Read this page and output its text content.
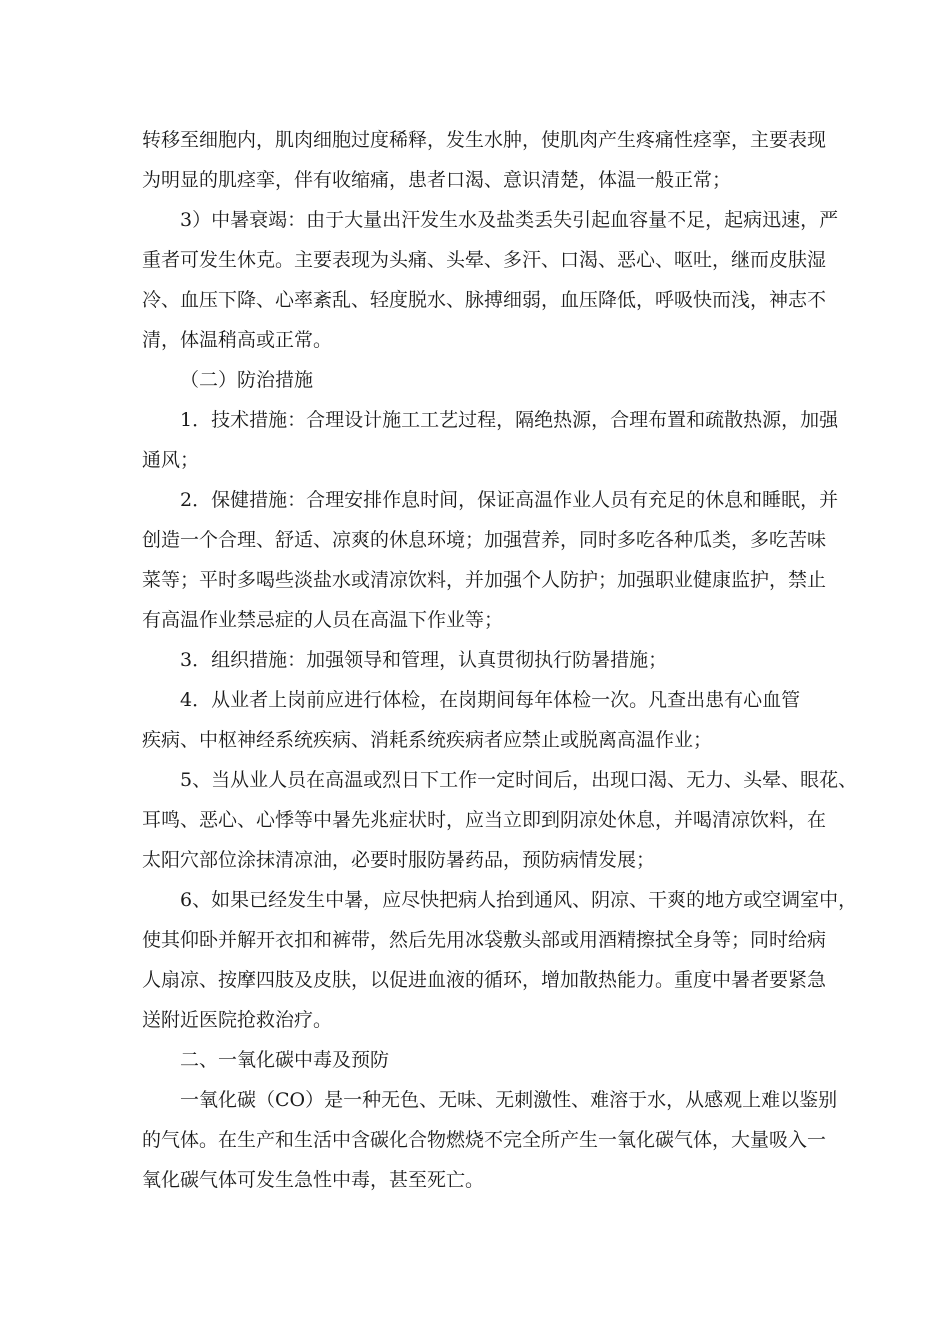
转移至细胞内，肌肉细胞过度稀释，发生水肿，使肌肉产生疼痛性痉挛，主要表现
为明显的肌痉挛，伴有收缩痛，患者口渴、意识清楚，体温一般正常；
3）中暑衰竭：由于大量出汗发生水及盐类丢失引起血容量不足，起病迅速，严
重者可发生休克。主要表现为头痛、头晕、多汗、口渴、恶心、呕吐，继而皮肤湿
冷、血压下降、心率紊乱、轻度脱水、脉搏细弱，血压降低，呼吸快而浅，神志不
清，体温稍高或正常。
（二）防治措施
1．技术措施：合理设计施工工艺过程，隔绝热源，合理布置和疏散热源，加强
通风；
2．保健措施：合理安排作息时间，保证高温作业人员有充足的休息和睡眠，并
创造一个合理、舒适、凉爽的休息环境；加强营养，同时多吃各种瓜类，多吃苦味
菜等；平时多喝些淡盐水或清凉饮料，并加强个人防护；加强职业健康监护，禁止
有高温作业禁忌症的人员在高温下作业等；
3．组织措施：加强领导和管理，认真贯彻执行防暑措施；
4．从业者上岗前应进行体检，在岗期间每年体检一次。凡查出患有心血管
疾病、中枢神经系统疾病、消耗系统疾病者应禁止或脱离高温作业；
5、当从业人员在高温或烈日下工作一定时间后，出现口渴、无力、头晕、眼花、
耳鸣、恶心、心悸等中暑先兆症状时，应当立即到阴凉处休息，并喝清凉饮料，在
太阳穴部位涂抹清凉油，必要时服防暑药品，预防病情发展；
6、如果已经发生中暑，应尽快把病人抬到通风、阴凉、干爽的地方或空调室中，
使其仰卧并解开衣扣和裤带，然后先用冰袋敷头部或用酒精擦拭全身等；同时给病
人扇凉、按摩四肢及皮肤，以促进血液的循环，增加散热能力。重度中暑者要紧急
送附近医院抢救治疗。
二、一氧化碳中毒及预防
一氧化碳（CO）是一种无色、无味、无刺激性、难溶于水，从感观上难以鉴别
的气体。在生产和生活中含碳化合物燃烧不完全所产生一氧化碳气体，大量吸入一
氧化碳气体可发生急性中毒，甚至死亡。
